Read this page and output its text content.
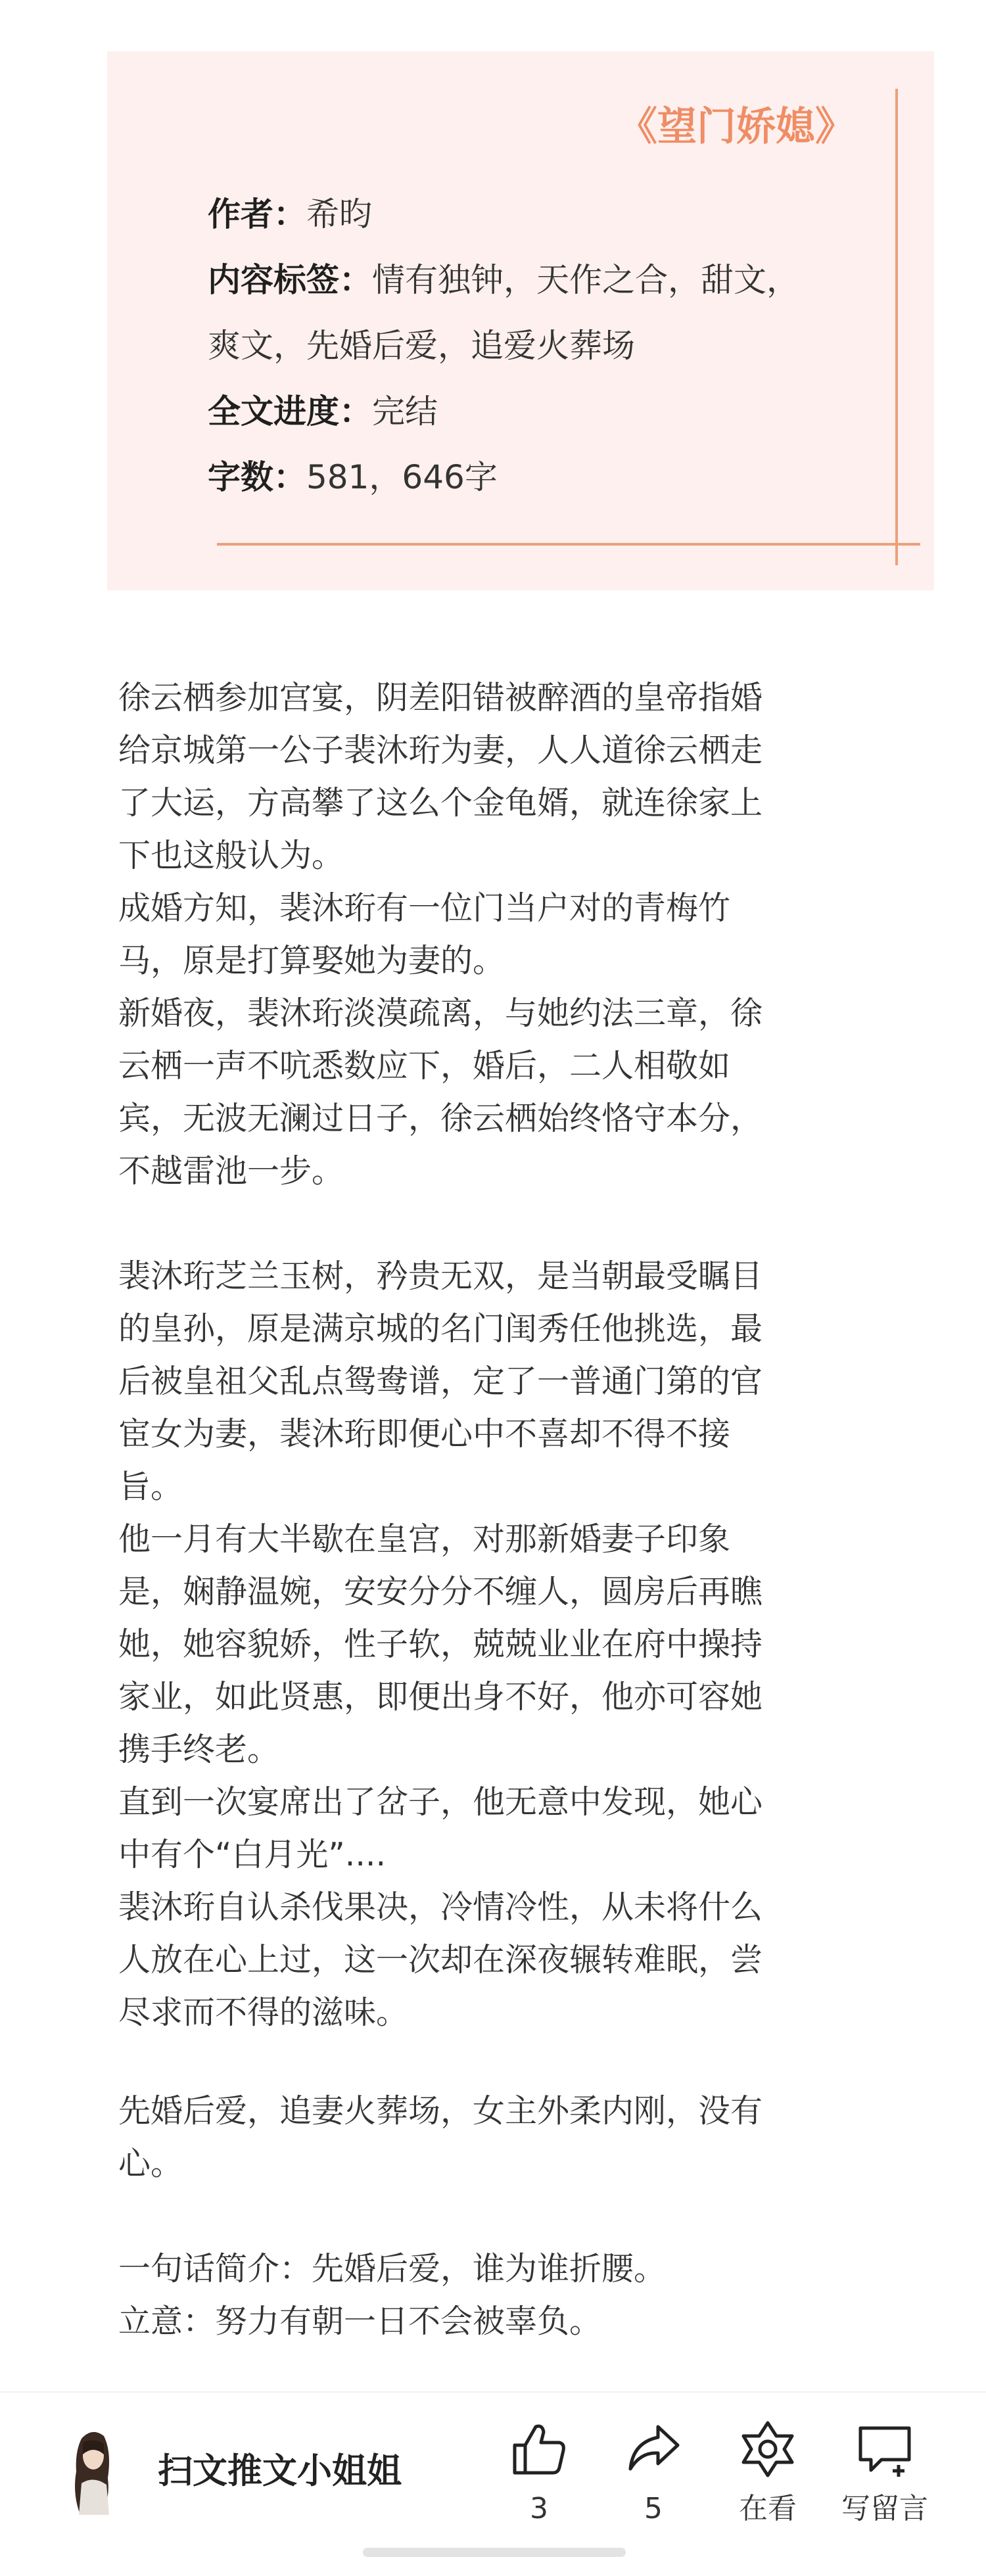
《望门娇媳》
作者：希昀
内容标签：情有独钟，天作之合，甜文，
爽文，先婚后爱，追爱火葬场
全文进度：完结
字数：581，646字
徐云栖参加宫宴，阴差阳错被醉酒的皇帝指婚
给京城第一公子裴沐珩为妻，人人道徐云栖走
了大运，方高攀了这么个金龟婿，就连徐家上
下也这般认为。
成婚方知，裴沐珩有一位门当户对的青梅竹
马，原是打算娶她为妻的。
新婚夜，裴沐珩淡漠疏离，与她约法三章，徐
云栖一声不吭悉数应下，婚后，二人相敬如
宾，无波无澜过日子，徐云栖始终恪守本分，
不越雷池一步。
裴沐珩芝兰玉树，矜贵无双，是当朝最受瞩目
的皇孙，原是满京城的名门闺秀任他挑选，最
后被皇祖父乱点鸳鸯谱，定了一普通门第的官
宦女为妻，裴沐珩即便心中不喜却不得不接
旨。
他一月有大半歇在皇宫，对那新婚妻子印象
是，娴静温婉，安安分分不缠人，圆房后再瞧
她，她容貌娇，性子软，兢兢业业在府中操持
家业，如此贤惠，即便出身不好，他亦可容她
携手终老。
直到一次宴席出了岔子，他无意中发现，她心
中有个“白月光”....
裴沐珩自认杀伐果决，冷情冷性，从未将什么
人放在心上过，这一次却在深夜辗转难眠，尝
尽求而不得的滋味。
先婚后爱，追妻火葬场，女主外柔内刚，没有
心。
一句话简介：先婚后爱，谁为谁折腰。
立意：努力有朝一日不会被辜负。
扫文推文小姐姐
3	5	在看	写留言
